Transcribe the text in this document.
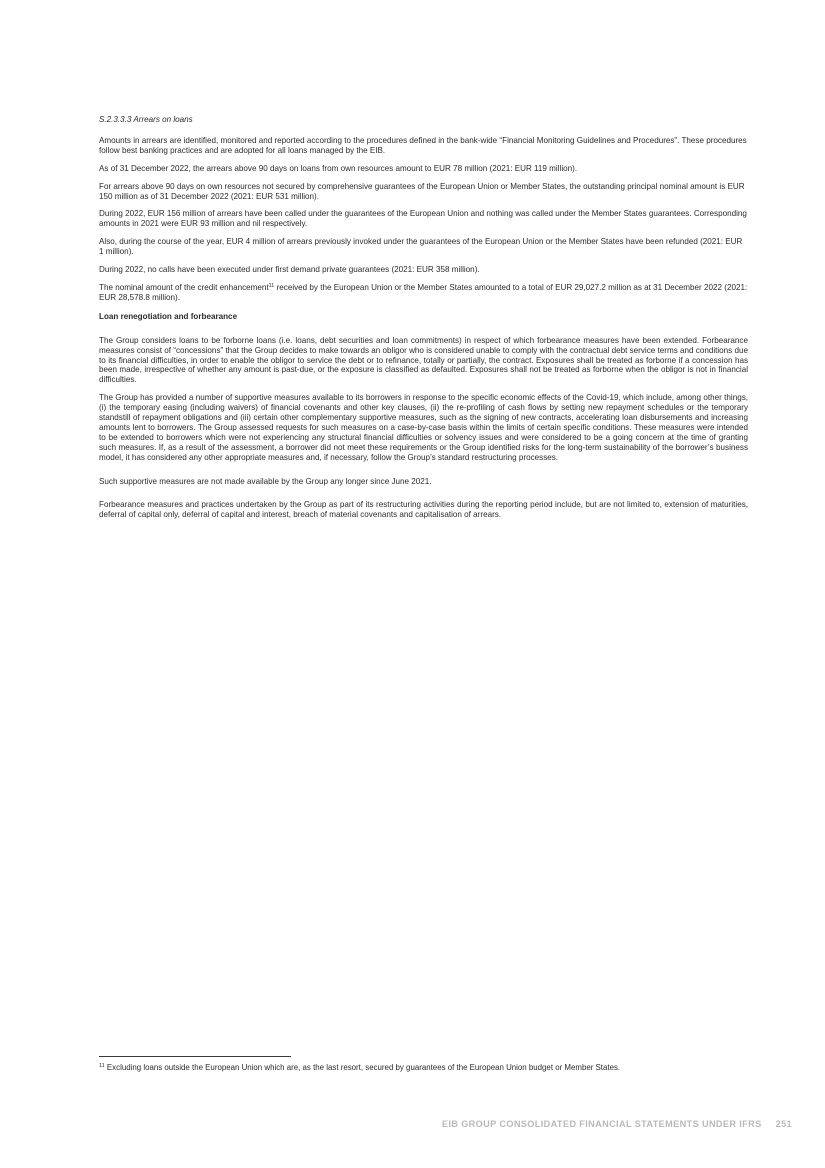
S.2.3.3.3 Arrears on loans

Amounts in arrears are identified, monitored and reported according to the procedures defined in the bank-wide “Financial Monitoring Guidelines and Procedures”. These procedures follow best banking practices and are adopted for all loans managed by the EIB.

As of 31 December 2022, the arrears above 90 days on loans from own resources amount to EUR 78 million (2021: EUR 119 million).

For arrears above 90 days on own resources not secured by comprehensive guarantees of the European Union or Member States, the outstanding principal nominal amount is EUR 150 million as of 31 December 2022 (2021: EUR 531 million).

During 2022, EUR 156 million of arrears have been called under the guarantees of the European Union and nothing was called under the Member States guarantees. Corresponding amounts in 2021 were EUR 93 million and nil respectively.

Also, during the course of the year, EUR 4 million of arrears previously invoked under the guarantees of the European Union or the Member States have been refunded (2021: EUR 1 million).

During 2022, no calls have been executed under first demand private guarantees (2021: EUR 358 million).

The nominal amount of the credit enhancement$^{11}$ received by the European Union or the Member States amounted to a total of EUR 29,027.2 million as at 31 December 2022 (2021: EUR 28,578.8 million).

Loan renegotiation and forbearance

The Group considers loans to be forborne loans (i.e. loans, debt securities and loan commitments) in respect of which forbearance measures have been extended. Forbearance measures consist of “concessions” that the Group decides to make towards an obligor who is considered unable to comply with the contractual debt service terms and conditions due to its financial difficulties, in order to enable the obligor to service the debt or to refinance, totally or partially, the contract. Exposures shall be treated as forborne if a concession has been made, irrespective of whether any amount is past-due, or the exposure is classified as defaulted. Exposures shall not be treated as forborne when the obligor is not in financial difficulties.

The Group has provided a number of supportive measures available to its borrowers in response to the specific economic effects of the Covid-19, which include, among other things, (i) the temporary easing (including waivers) of financial covenants and other key clauses, (ii) the re-profiling of cash flows by setting new repayment schedules or the temporary standstill of repayment obligations and (iii) certain other complementary supportive measures, such as the signing of new contracts, accelerating loan disbursements and increasing amounts lent to borrowers. The Group assessed requests for such measures on a case-by-case basis within the limits of certain specific conditions. These measures were intended to be extended to borrowers which were not experiencing any structural financial difficulties or solvency issues and were considered to be a going concern at the time of granting such measures. If, as a result of the assessment, a borrower did not meet these requirements or the Group identified risks for the long-term sustainability of the borrower’s business model, it has considered any other appropriate measures and, if necessary, follow the Group’s standard restructuring processes.

Such supportive measures are not made available by the Group any longer since June 2021.

Forbearance measures and practices undertaken by the Group as part of its restructuring activities during the reporting period include, but are not limited to, extension of maturities, deferral of capital only, deferral of capital and interest, breach of material covenants and capitalisation of arrears.

$^{11}$ Excluding loans outside the European Union which are, as the last resort, secured by guarantees of the European Union budget or Member States.
EIB GROUP CONSOLIDATED FINANCIAL STATEMENTS UNDER IFRS 251
